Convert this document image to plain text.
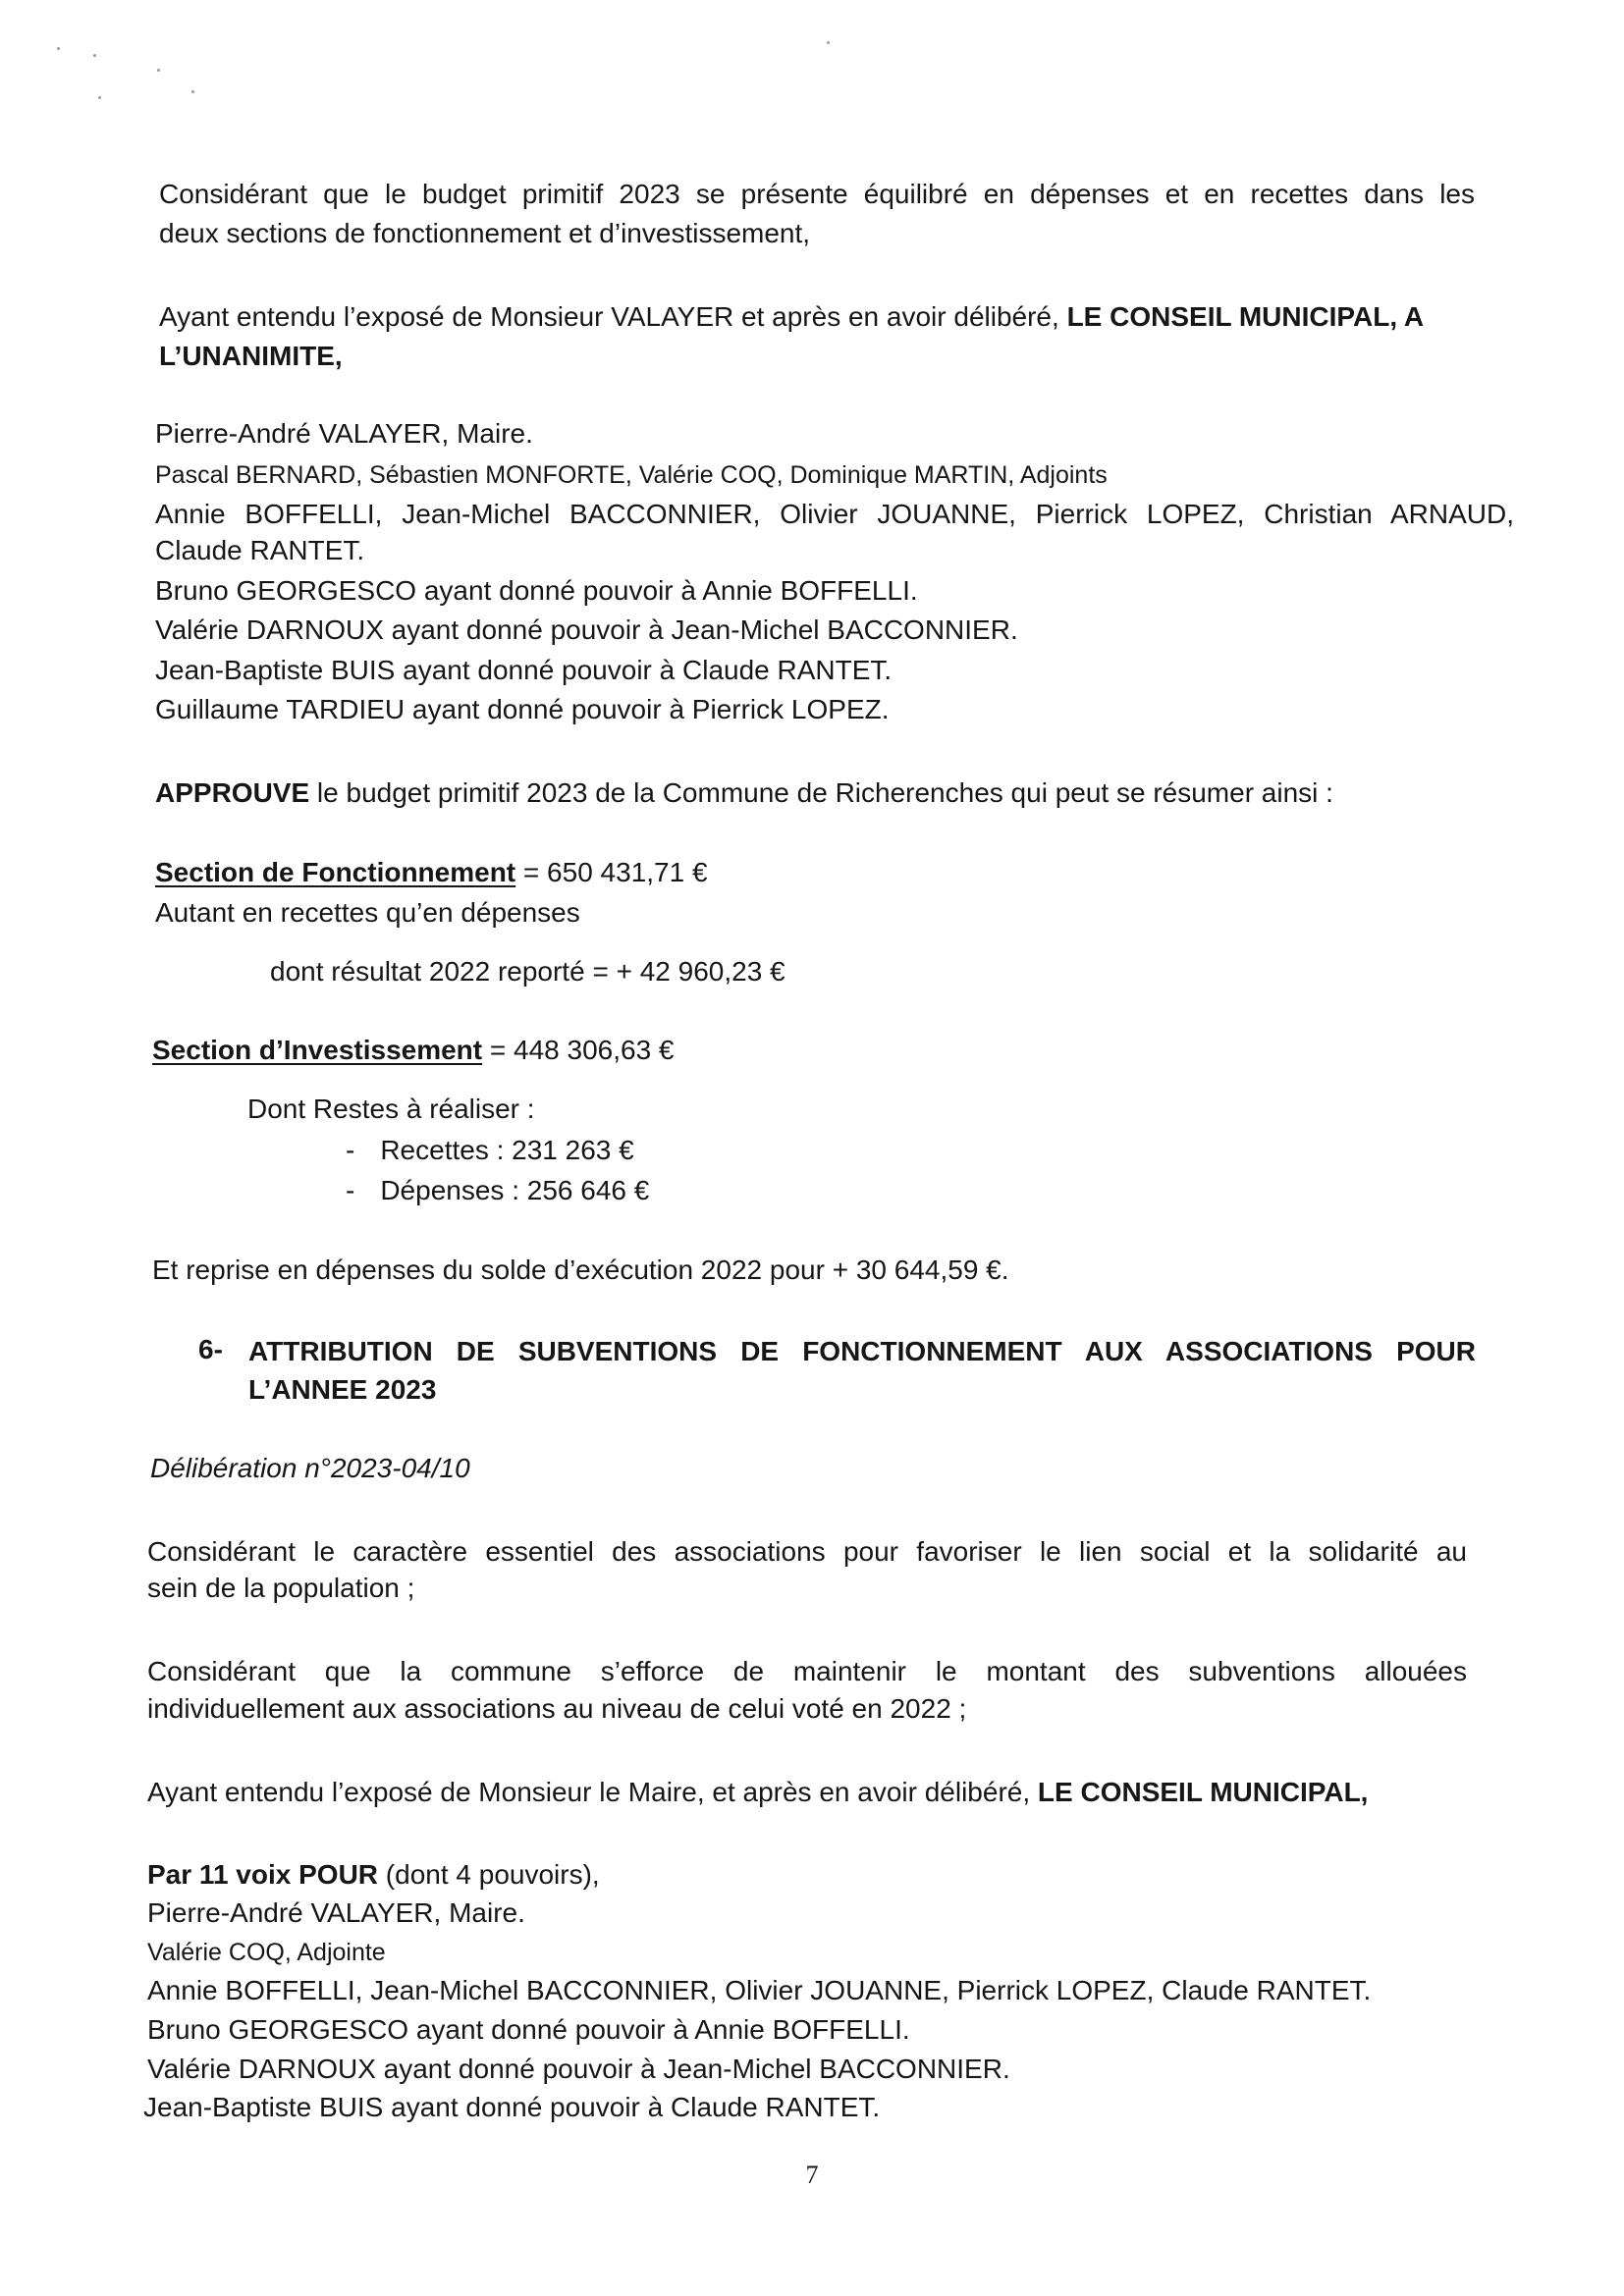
Considérant que le budget primitif 2023 se présente équilibré en dépenses et en recettes dans les

deux sections de fonctionnement et d’investissement,

Ayant entendu l’exposé de Monsieur VALAYER et après en avoir délibéré, LE CONSEIL MUNICIPAL, A

L’UNANIMITE,

Pierre-André VALAYER, Maire.

Pascal BERNARD, Sébastien MONFORTE, Valérie COQ, Dominique MARTIN, Adjoints

Annie BOFFELLI, Jean-Michel BACCONNIER, Olivier JOUANNE, Pierrick LOPEZ, Christian ARNAUD,

Claude RANTET.

Bruno GEORGESCO ayant donné pouvoir à Annie BOFFELLI.

Valérie DARNOUX ayant donné pouvoir à Jean-Michel BACCONNIER.

Jean-Baptiste BUIS ayant donné pouvoir à Claude RANTET.

Guillaume TARDIEU ayant donné pouvoir à Pierrick LOPEZ.

APPROUVE le budget primitif 2023 de la Commune de Richerenches qui peut se résumer ainsi :

Section de Fonctionnement = 650 431,71 €

Autant en recettes qu’en dépenses

dont résultat 2022 reporté = + 42 960,23 €

Section d’Investissement = 448 306,63 €

Dont Restes à réaliser :

- Recettes : 231 263 €

- Dépenses : 256 646 €

Et reprise en dépenses du solde d’exécution 2022 pour + 30 644,59 €.

6- ATTRIBUTION DE SUBVENTIONS DE FONCTIONNEMENT AUX ASSOCIATIONS POUR

L’ANNEE 2023

Délibération n°2023-04/10

Considérant le caractère essentiel des associations pour favoriser le lien social et la solidarité au

sein de la population ;

Considérant que la commune s’efforce de maintenir le montant des subventions allouées

individuellement aux associations au niveau de celui voté en 2022 ;

Ayant entendu l’exposé de Monsieur le Maire, et après en avoir délibéré, LE CONSEIL MUNICIPAL,

Par 11 voix POUR (dont 4 pouvoirs),

Pierre-André VALAYER, Maire.

Valérie COQ, Adjointe

Annie BOFFELLI, Jean-Michel BACCONNIER, Olivier JOUANNE, Pierrick LOPEZ, Claude RANTET.

Bruno GEORGESCO ayant donné pouvoir à Annie BOFFELLI.

Valérie DARNOUX ayant donné pouvoir à Jean-Michel BACCONNIER.

Jean-Baptiste BUIS ayant donné pouvoir à Claude RANTET.

7
